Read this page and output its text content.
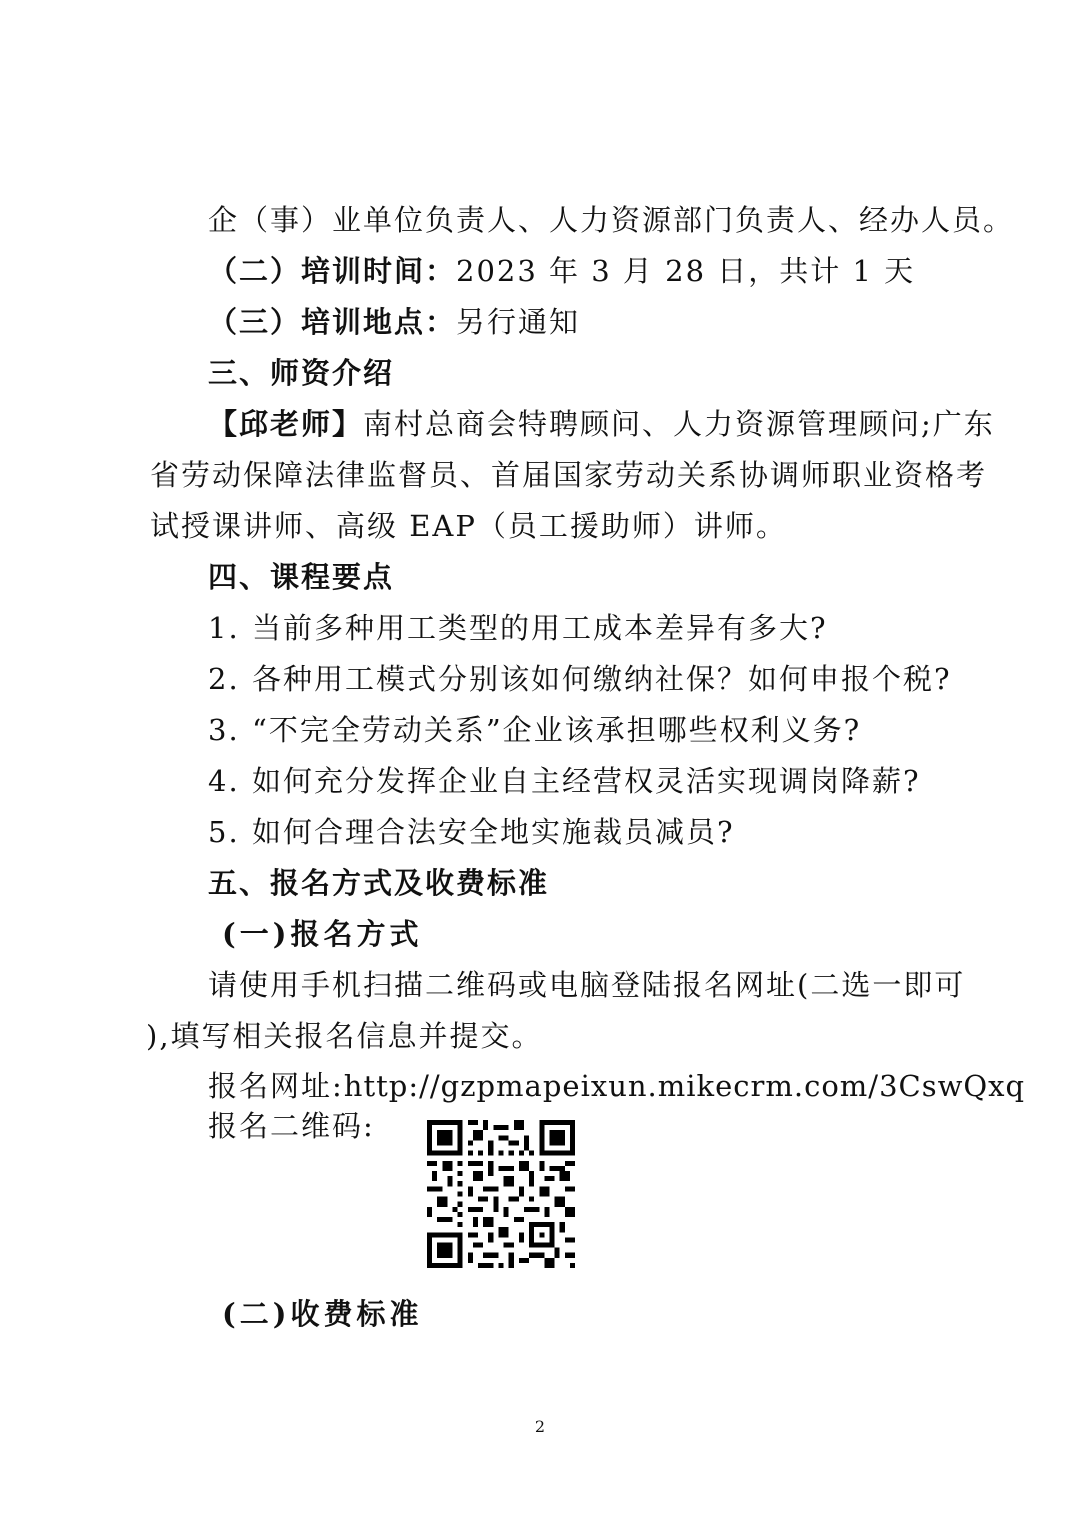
企（事）业单位负责人、人力资源部门负责人、经办人员。
（二）培训时间：2023 年 3 月 28 日，共计 1 天
（三）培训地点：另行通知
三、师资介绍
【邱老师】南村总商会特聘顾问、人力资源管理顾问;广东
省劳动保障法律监督员、首届国家劳动关系协调师职业资格考
试授课讲师、高级 EAP（员工援助师）讲师。
四、课程要点
1. 当前多种用工类型的用工成本差异有多大?
2. 各种用工模式分别该如何缴纳社保？如何申报个税?
3. “不完全劳动关系”企业该承担哪些权利义务?
4. 如何充分发挥企业自主经营权灵活实现调岗降薪?
5. 如何合理合法安全地实施裁员减员?
五、报名方式及收费标准
(一)报名方式
请使用手机扫描二维码或电脑登陆报名网址(二选一即可
),填写相关报名信息并提交。
报名网址:http://gzpmapeixun.mikecrm.com/3CswQxq
报名二维码:
(二)收费标准
2
